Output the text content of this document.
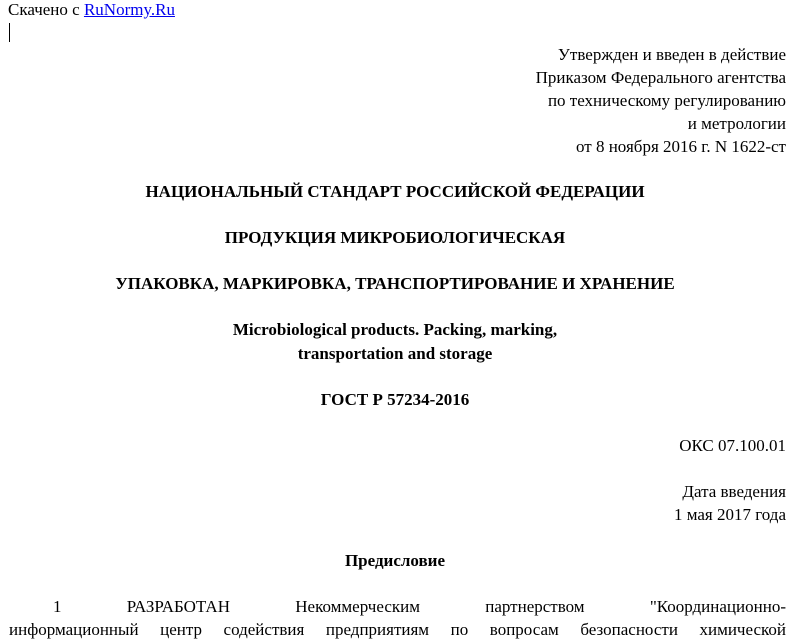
Скачено с RuNormy.Ru
Утвержден и введен в действие
Приказом Федерального агентства
по техническому регулированию
и метрологии
от 8 ноября 2016 г. N 1622-ст
НАЦИОНАЛЬНЫЙ СТАНДАРТ РОССИЙСКОЙ ФЕДЕРАЦИИ
ПРОДУКЦИЯ МИКРОБИОЛОГИЧЕСКАЯ
УПАКОВКА, МАРКИРОВКА, ТРАНСПОРТИРОВАНИЕ И ХРАНЕНИЕ
Microbiological products. Packing, marking,
transportation and storage
ГОСТ Р 57234-2016
ОКС 07.100.01
Дата введения
1 мая 2017 года
Предисловие
1	РАЗРАБОТАН	Некоммерческим	партнерством	"Координационно-
информационный центр содействия предприятиям по вопросам безопасности химической
